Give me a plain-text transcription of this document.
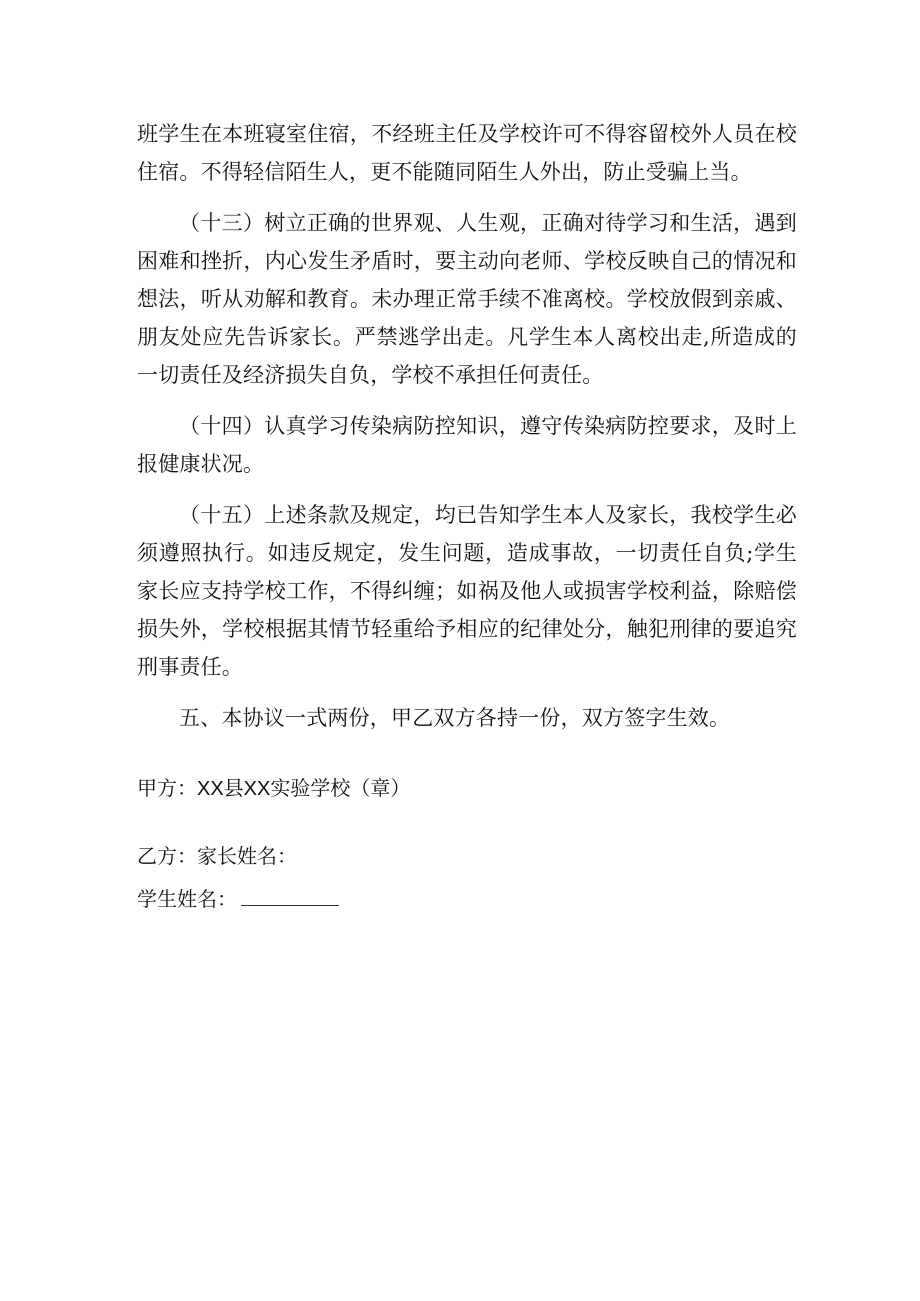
班学生在本班寝室住宿，不经班主任及学校许可不得容留校外人员在校住宿。不得轻信陌生人，更不能随同陌生人外出，防止受骗上当。

（十三）树立正确的世界观、人生观，正确对待学习和生活，遇到困难和挫折，内心发生矛盾时，要主动向老师、学校反映自己的情况和想法，听从劝解和教育。未办理正常手续不准离校。学校放假到亲戚、朋友处应先告诉家长。严禁逃学出走。凡学生本人离校出走,所造成的一切责任及经济损失自负，学校不承担任何责任。

（十四）认真学习传染病防控知识，遵守传染病防控要求，及时上报健康状况。

（十五）上述条款及规定，均已告知学生本人及家长，我校学生必须遵照执行。如违反规定，发生问题，造成事故，一切责任自负;学生家长应支持学校工作，不得纠缠；如祸及他人或损害学校利益，除赔偿损失外，学校根据其情节轻重给予相应的纪律处分，触犯刑律的要追究刑事责任。

五、本协议一式两份，甲乙双方各持一份，双方签字生效。

甲方：XX县XX实验学校（章）
乙方：家长姓名：
学生姓名：
